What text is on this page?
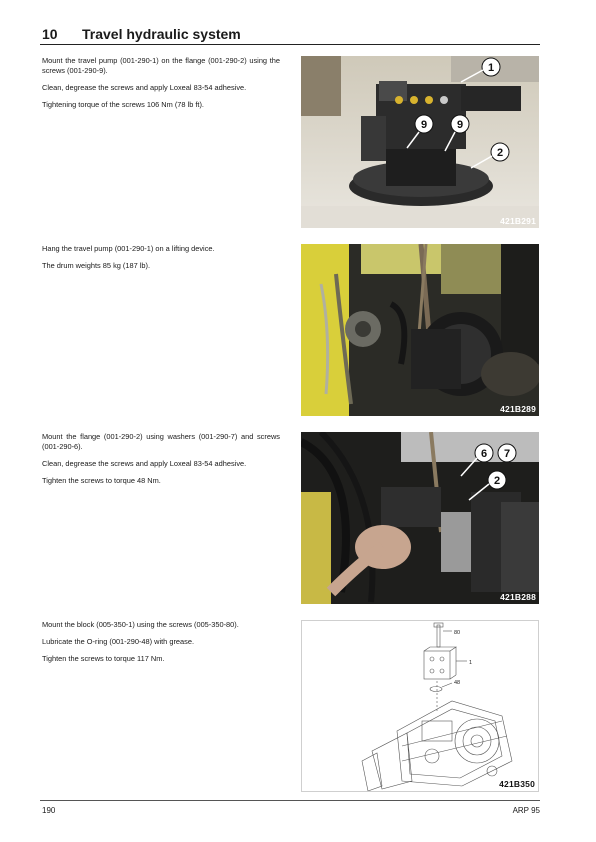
10 Travel hydraulic system

Mount the travel pump (001-290-1) on the flange (001-290-2) using the screws (001-290-9).

Clean, degrease the screws and apply Loxeal 83-54 adhesive.

Tightening torque of the screws 106 Nm (78 lb ft).

1
9	9
2
421B291

Hang the travel pump (001-290-1) on a lifting device.

The drum weights 85 kg (187 lb).

421B289

Mount the flange (001-290-2) using washers (001-290-7) and screws (001-290-6).

Clean, degrease the screws and apply Loxeal 83-54 adhesive.

Tighten the screws to torque 48 Nm.

6 7
2
421B288

Mount the block (005-350-1) using the screws (005-350-80).

Lubricate the O-ring (001-290-48) with grease.

Tighten the screws to torque 117 Nm.

80
1
48
421B350
190	ARP 95
